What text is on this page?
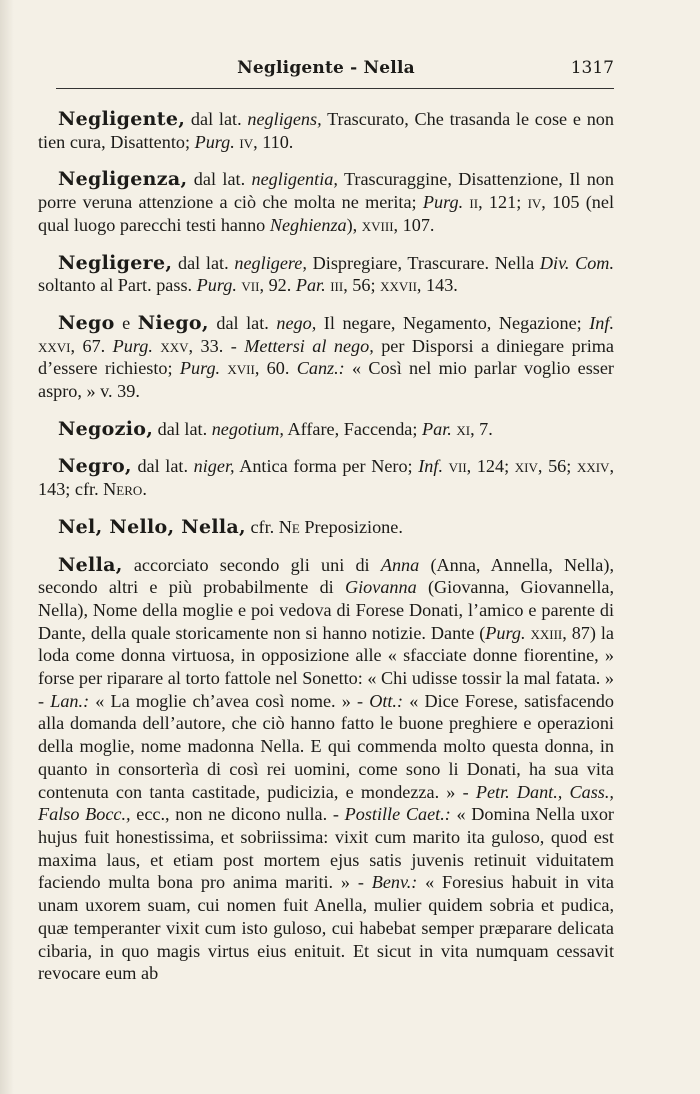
Negligente - Nella	1317

Negligente, dal lat. negligens, Trascurato, Che trasanda le cose e non tien cura, Disattento; Purg. iv, 110.

Negligenza, dal lat. negligentia, Trascuraggine, Disattenzione, Il non porre veruna attenzione a ciò che molta ne merita; Purg. ii, 121; iv, 105 (nel qual luogo parecchi testi hanno Neghienza), xviii, 107.

Negligere, dal lat. negligere, Dispregiare, Trascurare. Nella Div. Com. soltanto al Part. pass. Purg. vii, 92. Par. iii, 56; xxvii, 143.

Nego e Niego, dal lat. nego, Il negare, Negamento, Negazione; Inf. xxvi, 67. Purg. xxv, 33. - Mettersi al nego, per Disporsi a diniegare prima d’essere richiesto; Purg. xvii, 60. Canz.: « Così nel mio parlar voglio esser aspro, » v. 39.

Negozio, dal lat. negotium, Affare, Faccenda; Par. xi, 7.

Negro, dal lat. niger, Antica forma per Nero; Inf. vii, 124; xiv, 56; xxiv, 143; cfr. Nero.

Nel, Nello, Nella, cfr. Ne Preposizione.

Nella, accorciato secondo gli uni di Anna (Anna, Annella, Nella), secondo altri e più probabilmente di Giovanna (Giovanna, Giovannella, Nella), Nome della moglie e poi vedova di Forese Donati, l’amico e parente di Dante, della quale storicamente non si hanno notizie. Dante (Purg. xxiii, 87) la loda come donna virtuosa, in opposizione alle « sfacciate donne fiorentine, » forse per riparare al torto fattole nel Sonetto: « Chi udisse tossir la mal fatata. » - Lan.: « La moglie ch’avea così nome. » - Ott.: « Dice Forese, satisfacendo alla domanda dell’autore, che ciò hanno fatto le buone preghiere e operazioni della moglie, nome madonna Nella. E qui commenda molto questa donna, in quanto in consorterìa di così rei uomini, come sono li Donati, ha sua vita contenuta con tanta castitade, pudicizia, e mondezza. » - Petr. Dant., Cass., Falso Bocc., ecc., non ne dicono nulla. - Postille Caet.: « Domina Nella uxor hujus fuit honestissima, et sobriissima: vixit cum marito ita guloso, quod est maxima laus, et etiam post mortem ejus satis juvenis retinuit viduitatem faciendo multa bona pro anima mariti. » - Benv.: « Foresius habuit in vita unam uxorem suam, cui nomen fuit Anella, mulier quidem sobria et pudica, quæ temperanter vixit cum isto guloso, cui habebat semper præparare delicata cibaria, in quo magis virtus eius enituit. Et sicut in vita numquam cessavit revocare eum ab
